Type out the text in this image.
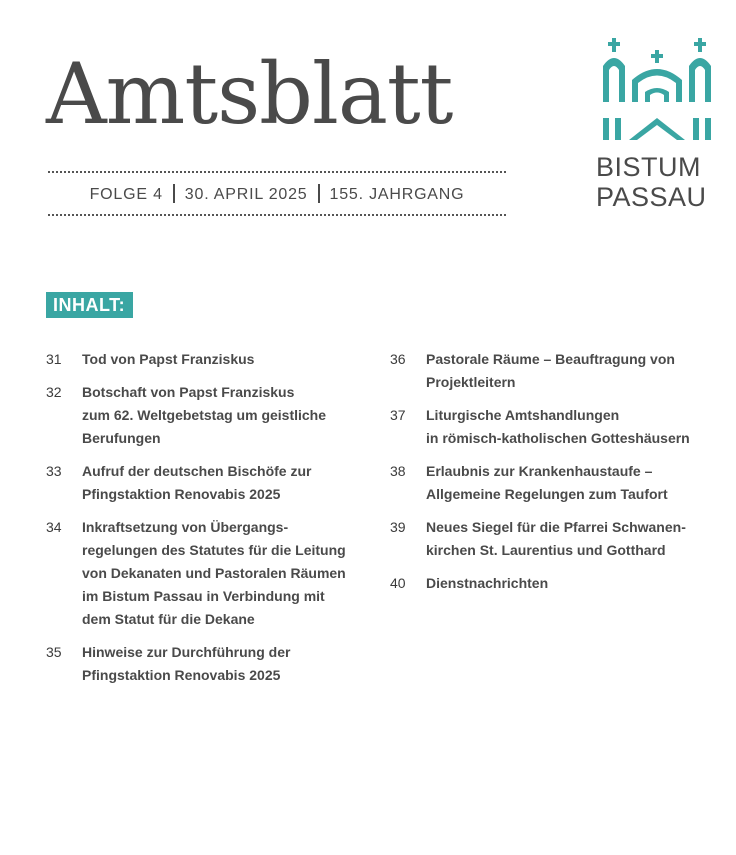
Amtsblatt
FOLGE 4 30. APRIL 2025 155. JAHRGANG
BISTUM
PASSAU
INHALT:
31	Tod von Papst Franziskus
32	Botschaft von Papst Franziskus
zum 62. Weltgebetstag um geistliche
Berufungen
33	Aufruf der deutschen Bischöfe zur
Pfingstaktion Renovabis 2025
34	Inkraftsetzung von Übergangs-
regelungen des Statutes für die Leitung
von Dekanaten und Pastoralen Räumen
im Bistum Passau in Verbindung mit
dem Statut für die Dekane
35	Hinweise zur Durchführung der
Pfingstaktion Renovabis 2025
36	Pastorale Räume – Beauftragung von
Projektleitern
37	Liturgische Amtshandlungen
in römisch-katholischen Gotteshäusern
38	Erlaubnis zur Krankenhaustaufe –
Allgemeine Regelungen zum Taufort
39	Neues Siegel für die Pfarrei Schwanen-
kirchen St. Laurentius und Gotthard
40	Dienstnachrichten
